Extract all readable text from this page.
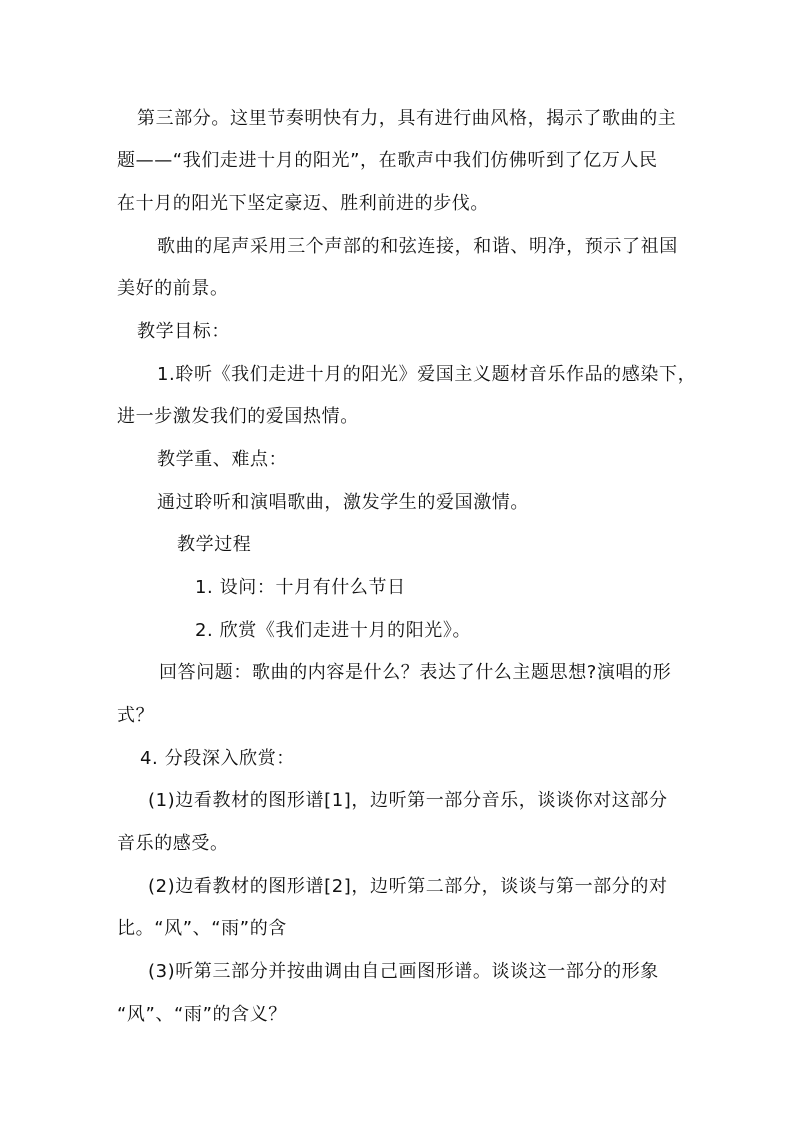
第三部分。这里节奏明快有力，具有进行曲风格，揭示了歌曲的主
题——“我们走进十月的阳光”，在歌声中我们仿佛听到了亿万人民
在十月的阳光下坚定豪迈、胜利前进的步伐。
歌曲的尾声采用三个声部的和弦连接，和谐、明净，预示了祖国
美好的前景。
教学目标：
1.聆听《我们走进十月的阳光》爱国主义题材音乐作品的感染下，
进一步激发我们的爱国热情。
教学重、难点：
通过聆听和演唱歌曲，激发学生的爱国激情。
教学过程
1. 设问：十月有什么节日
2. 欣赏《我们走进十月的阳光》。
回答问题：歌曲的内容是什么？表达了什么主题思想?演唱的形
式？
4. 分段深入欣赏：
(1)边看教材的图形谱[1]，边听第一部分音乐，谈谈你对这部分
音乐的感受。
(2)边看教材的图形谱[2]，边听第二部分，谈谈与第一部分的对
比。“风”、“雨”的含
(3)听第三部分并按曲调由自己画图形谱。谈谈这一部分的形象
“风”、“雨”的含义？
